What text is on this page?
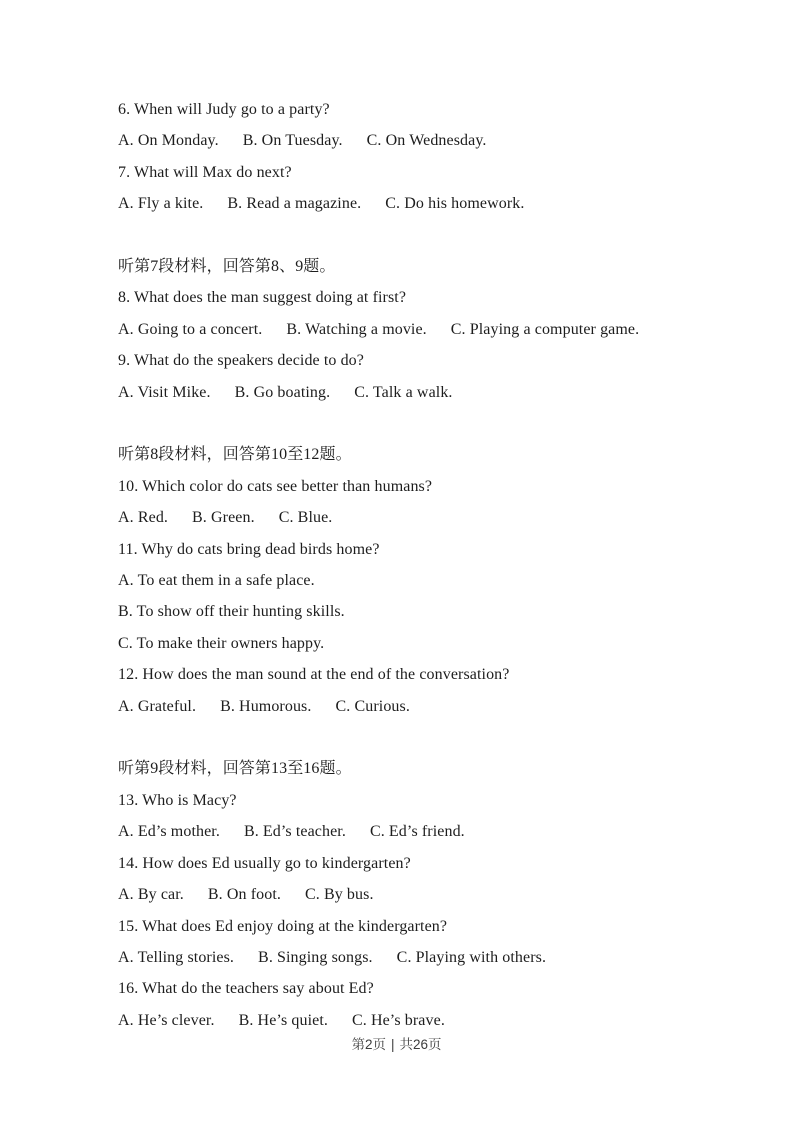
6. When will Judy go to a party?

A. On Monday. B. On Tuesday. C. On Wednesday.

7. What will Max do next?

A. Fly a kite. B. Read a magazine. C. Do his homework.

听第7段材料，回答第8、9题。

8. What does the man suggest doing at first?

A. Going to a concert. B. Watching a movie. C. Playing a computer game.

9. What do the speakers decide to do?

A. Visit Mike. B. Go boating. C. Talk a walk.

听第8段材料，回答第10至12题。

10. Which color do cats see better than humans?

A. Red. B. Green. C. Blue.

11. Why do cats bring dead birds home?

A. To eat them in a safe place.

B. To show off their hunting skills.

C. To make their owners happy.

12. How does the man sound at the end of the conversation?

A. Grateful. B. Humorous. C. Curious.

听第9段材料，回答第13至16题。

13. Who is Macy?

A. Ed’s mother. B. Ed’s teacher. C. Ed’s friend.

14. How does Ed usually go to kindergarten?

A. By car. B. On foot. C. By bus.

15. What does Ed enjoy doing at the kindergarten?

A. Telling stories. B. Singing songs. C. Playing with others.

16. What do the teachers say about Ed?

A. He’s clever. B. He’s quiet. C. He’s brave.

第2页 | 共26页
